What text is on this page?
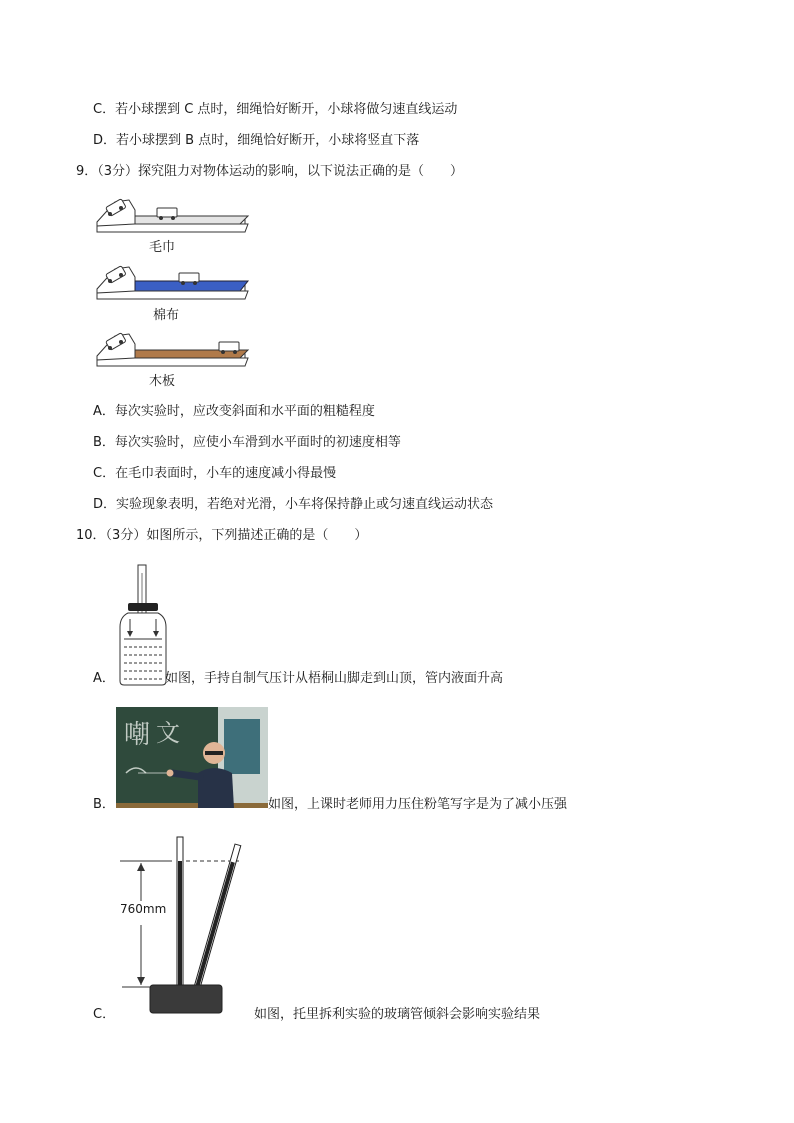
C．若小球摆到 C 点时，细绳恰好断开，小球将做匀速直线运动
D．若小球摆到 B 点时，细绳恰好断开，小球将竖直下落
9．（3分）探究阻力对物体运动的影响，以下说法正确的是（　　）
毛巾
棉布
木板
A．每次实验时，应改变斜面和水平面的粗糙程度
B．每次实验时，应使小车滑到水平面时的初速度相等
C．在毛巾表面时，小车的速度减小得最慢
D．实验现象表明，若绝对光滑，小车将保持静止或匀速直线运动状态
10．（3分）如图所示，下列描述正确的是（　　）
A．	如图，手持自制气压计从梧桐山脚走到山顶，管内液面升高
嘲 文
B．	如图，上课时老师用力压住粉笔写字是为了减小压强
760mm
C．	如图，托里拆利实验的玻璃管倾斜会影响实验结果
